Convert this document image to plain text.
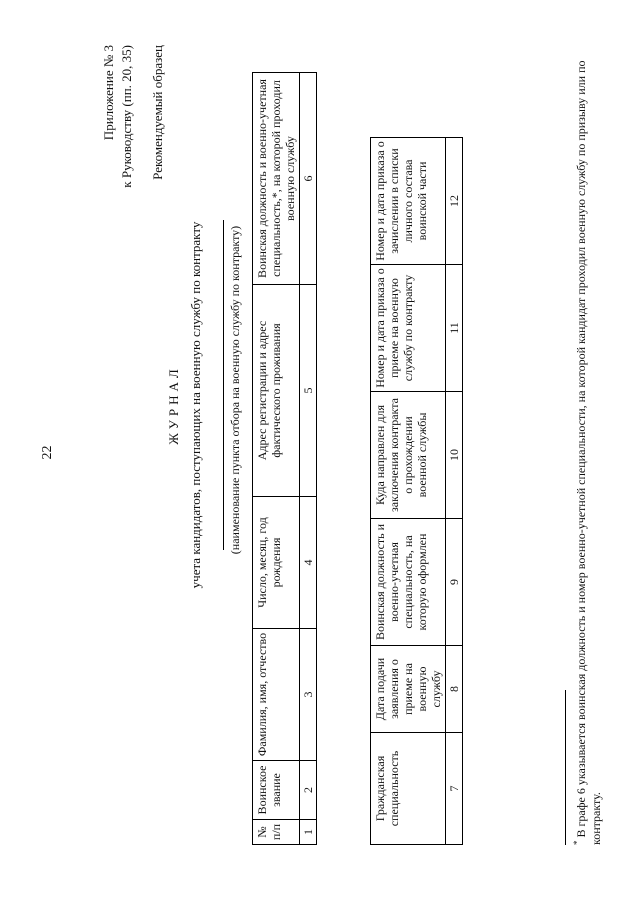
22
Приложение № 3 к Руководству (пп. 20, 35) Рекомендуемый образец
ЖУРНАЛ учета кандидатов, поступающих на военную службу по контракту (наименование пункта отбора на военную службу по контракту)
№ п/п	Воинское звание	Фамилия, имя, отчество	Число, месяц, год рождения	Адрес регистрации и адрес фактического проживания	Воинская должность и военно-учетная специальность,*, на которой проходил военную службу
1	2	3	4	5	6
Гражданская специальность	Дата подачи заявления о приеме на военную службу	Воинская должность и военно-учетная специальность, на которую оформлен	Куда направлен для заключения контракта о прохождении военной службы	Номер и дата приказа о приеме на военную службу по контракту	Номер и дата приказа о зачислении в списки личного состава воинской части
7	8	9	10	11	12
* В графе 6 указывается воинская должность и номер военно-учетной специальности, на которой кандидат проходил военную службу по призыву или по контракту.
